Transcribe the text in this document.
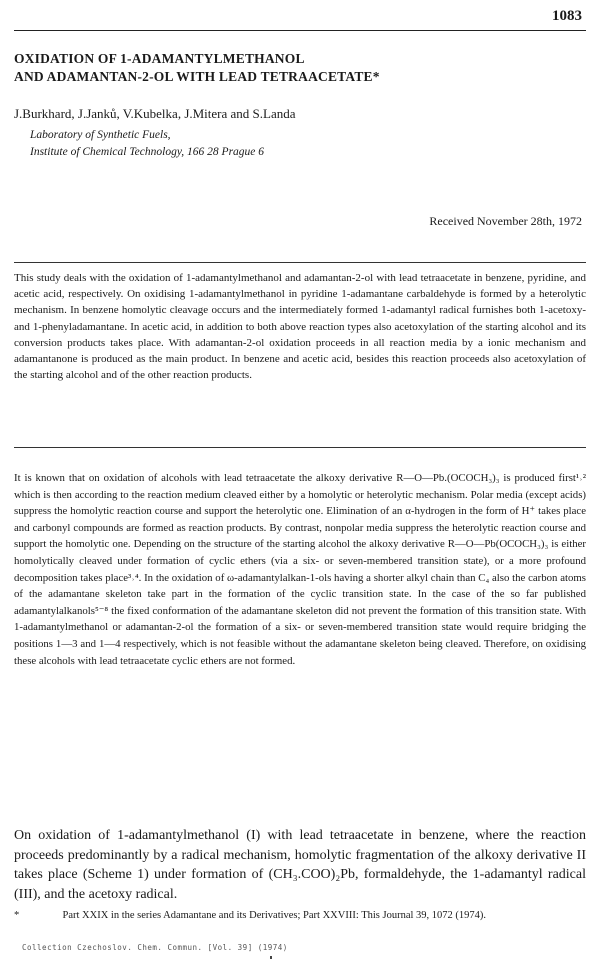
1083
OXIDATION OF 1-ADAMANTYLMETHANOL
AND ADAMANTAN-2-OL WITH LEAD TETRAACETATE*
J.Burkhard, J.Janků, V.Kubelka, J.Mitera and S.Landa
Laboratory of Synthetic Fuels,
Institute of Chemical Technology, 166 28 Prague 6
Received November 28th, 1972

This study deals with the oxidation of 1-adamantylmethanol and adamantan-2-ol with lead tetraacetate in benzene, pyridine, and acetic acid, respectively. On oxidising 1-adamantylmethanol in pyridine 1-adamantane carbaldehyde is formed by a heterolytic mechanism. In benzene homolytic cleavage occurs and the intermediately formed 1-adamantyl radical furnishes both 1-acetoxy- and 1-phenyladamantane. In acetic acid, in addition to both above reaction types also acetoxylation of the starting alcohol and its conversion products takes place. With adamantan-2-ol oxidation proceeds in all reaction media by a ionic mechanism and adamantanone is produced as the main product. In benzene and acetic acid, besides this reaction proceeds also acetoxylation of the starting alcohol and of the other reaction products.

It is known that on oxidation of alcohols with lead tetraacetate the alkoxy derivative R—O—Pb.(OCOCH₃)₃ is produced first¹˒² which is then according to the reaction medium cleaved either by a homolytic or heterolytic mechanism. Polar media (except acids) suppress the homolytic reaction course and support the heterolytic one. Elimination of an α-hydrogen in the form of H⁺ takes place and carbonyl compounds are formed as reaction products. By contrast, nonpolar media suppress the heterolytic reaction course and support the homolytic one. Depending on the structure of the starting alcohol the alkoxy derivative R—O—Pb(OCOCH₃)₃ is either homolytically cleaved under formation of cyclic ethers (via a six- or seven-membered transition state), or a more profound decomposition takes place³˒⁴. In the oxidation of ω-adamantylalkan-1-ols having a shorter alkyl chain than C₄ also the carbon atoms of the adamantane skeleton take part in the formation of the cyclic transition state. In the case of the so far published adamantylalkanols⁵⁻⁸ the fixed conformation of the adamantane skeleton did not prevent the formation of this transition state. With 1-adamantylmethanol or adamantan-2-ol the formation of a six- or seven-membered transition state would require bridging the positions 1—3 and 1—4 respectively, which is not feasible without the adamantane skeleton being cleaved. Therefore, on oxidising these alcohols with lead tetraacetate cyclic ethers are not formed.

On oxidation of 1-adamantylmethanol (I) with lead tetraacetate in benzene, where the reaction proceeds predominantly by a radical mechanism, homolytic fragmentation of the alkoxy derivative II takes place (Scheme 1) under formation of (CH₃.COO)₂Pb, formaldehyde, the 1-adamantyl radical (III), and the acetoxy radical.

*	Part XXIX in the series Adamantane and its Derivatives; Part XXVIII: This Journal 39, 1072 (1974).
Collection Czechoslov. Chem. Commun. [Vol. 39] (1974)
